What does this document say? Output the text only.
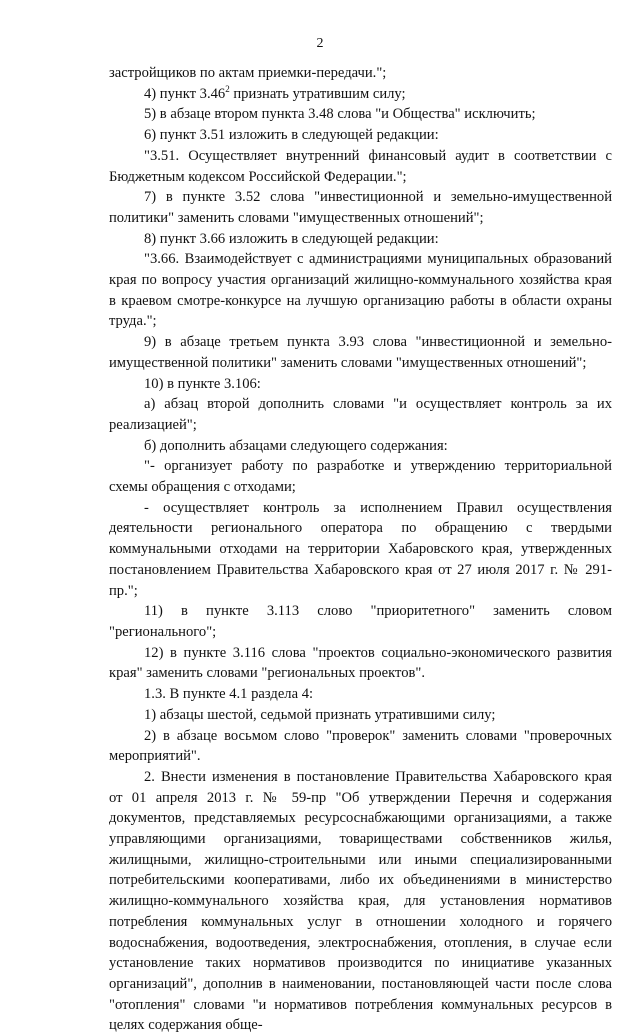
2

застройщиков по актам приемки-передачи.";

4) пункт 3.46$^2$ признать утратившим силу;

5) в абзаце втором пункта 3.48 слова "и Общества" исключить;

6) пункт 3.51 изложить в следующей редакции:

"3.51. Осуществляет внутренний финансовый аудит в соответствии с Бюджетным кодексом Российской Федерации.";

7) в пункте 3.52 слова "инвестиционной и земельно-имущественной политики" заменить словами "имущественных отношений";

8) пункт 3.66 изложить в следующей редакции:

"3.66. Взаимодействует с администрациями муниципальных образований края по вопросу участия организаций жилищно-коммунального хозяйства края в краевом смотре-конкурсе на лучшую организацию работы в области охраны труда.";

9) в абзаце третьем пункта 3.93 слова "инвестиционной и земельно-имущественной политики" заменить словами "имущественных отношений";

10) в пункте 3.106:

а) абзац второй дополнить словами "и осуществляет контроль за их реализацией";

б) дополнить абзацами следующего содержания:

"- организует работу по разработке и утверждению территориальной схемы обращения с отходами;

- осуществляет контроль за исполнением Правил осуществления деятельности регионального оператора по обращению с твердыми коммунальными отходами на территории Хабаровского края, утвержденных постановлением Правительства Хабаровского края от 27 июля 2017 г. № 291-пр.";

11) в пункте 3.113 слово "приоритетного" заменить словом "регионального";

12) в пункте 3.116 слова "проектов социально-экономического развития края" заменить словами "региональных проектов".

1.3. В пункте 4.1 раздела 4:

1) абзацы шестой, седьмой признать утратившими силу;

2) в абзаце восьмом слово "проверок" заменить словами "проверочных мероприятий".

2. Внести изменения в постановление Правительства Хабаровского края от 01 апреля 2013 г. № 59-пр "Об утверждении Перечня и содержания документов, представляемых ресурсоснабжающими организациями, а также управляющими организациями, товариществами собственников жилья, жилищными, жилищно-строительными или иными специализированными потребительскими кооперативами, либо их объединениями в министерство жилищно-коммунального хозяйства края, для установления нормативов потребления коммунальных услуг в отношении холодного и горячего водоснабжения, водоотведения, электроснабжения, отопления, в случае если установление таких нормативов производится по инициативе указанных организаций", дополнив в наименовании, постановляющей части после слова "отопления" словами "и нормативов потребления коммунальных ресурсов в целях содержания обще-
